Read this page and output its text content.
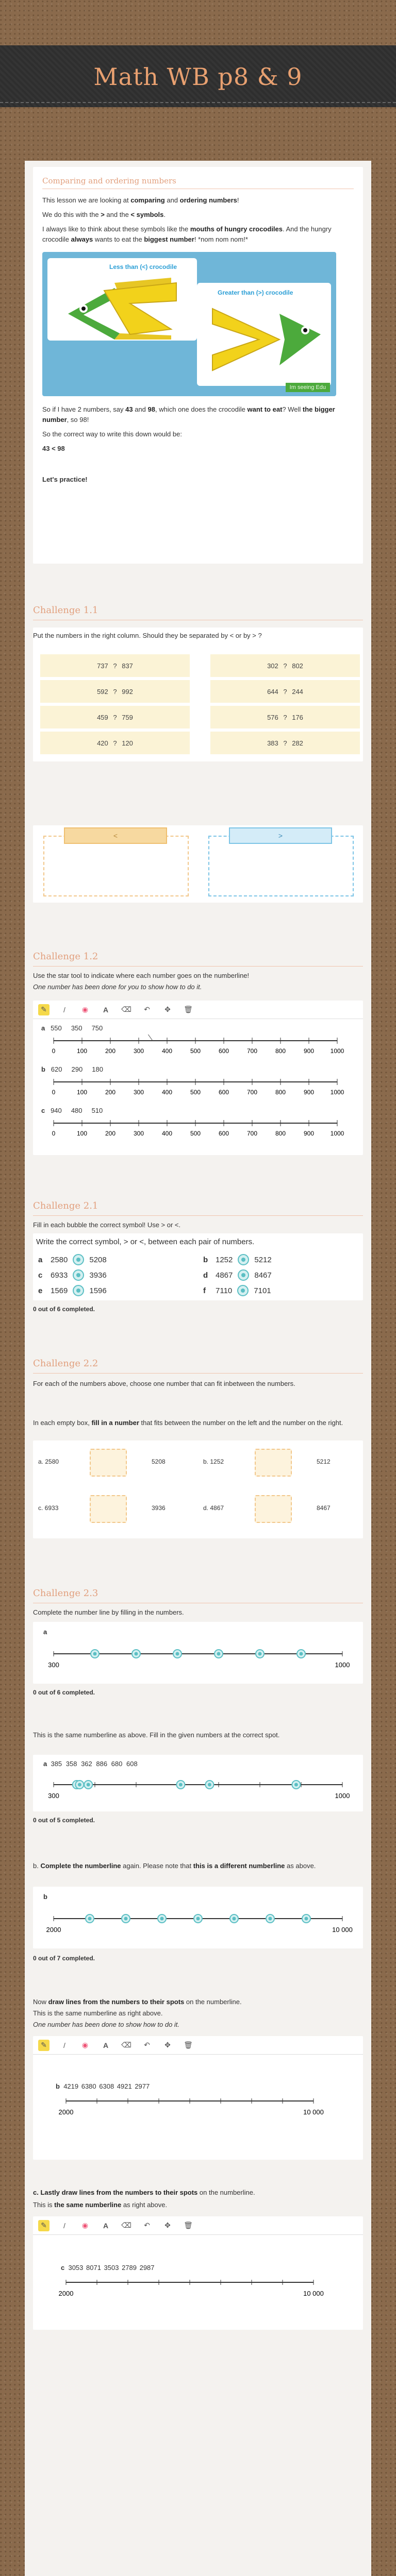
Math WB p8 & 9
Comparing and ordering numbers
This lesson we are looking at comparing and ordering numbers!
We do this with the > and the < symbols.
I always like to think about these symbols like the mouths of hungry crocodiles. And the hungry crocodile always wants to eat the biggest number! *nom nom nom!*
Less than (<) crocodile
Greater than (>) crocodile
Im seeing Edu
So if I have 2 numbers, say 43 and 98, which one does the crocodile want to eat? Well the bigger number, so 98!
So the correct way to write this down would be:
43 < 98
Let's practice!
Challenge 1.1
Put the numbers in the right column. Should they be separated by < or by > ?
737 ? 837	302 ? 802
592 ? 992	644 ? 244
459 ? 759	576 ? 176
420 ? 120	383 ? 282
<	>
Challenge 1.2
Use the star tool to indicate where each number goes on the numberline!
One number has been done for you to show how to do it.
✎	/	◉	A	⌫	↶	✥	🗑
a   550     350     750
0	100	200	300	400	500	600	700	800	900	1000
b   620     290     180
0	100	200	300	400	500	600	700	800	900	1000
c   940     480     510
0	100	200	300	400	500	600	700	800	900	1000
Challenge 2.1
Fill in each bubble the correct symbol! Use > or <.
Write the correct symbol, > or <, between each pair of numbers.
a	2580	5208	b 1252	5212
c	6933	3936	d 4867	8467
e	1569	1596	f	7110	7101
0 out of 6 completed.
Challenge 2.2
For each of the numbers above, choose one number that can fit inbetween the numbers.
In each empty box, fill in a number that fits between the number on the left and the number on the right.
a. 2580	5208	b. 1252	5212
c. 6933	3936	d. 4867	8467
Challenge 2.3
Complete the number line by filling in the numbers.
a
300	1000
0 out of 6 completed.
This is the same numberline as above. Fill in the given numbers at the correct spot.
a 385 358 362 886 680 608
300	1000
0 out of 5 completed.
b. Complete the numberline again. Please note that this is a different numberline as above.
b
2000	10 000
0 out of 7 completed.
Now draw lines from the numbers to their spots on the numberline.
This is the same numberline as right above.
One number has been done to show how to do it.
✎	/	◉	A	⌫	↶	✥	🗑
b 4219 6380 6308 4921 2977
2000	10 000
c. Lastly draw lines from the numbers to their spots on the numberline.
This is the same numberline as right above.
✎	/	◉	A	⌫	↶	✥	🗑
c 3053 8071 3503 2789 2987
2000	10 000
